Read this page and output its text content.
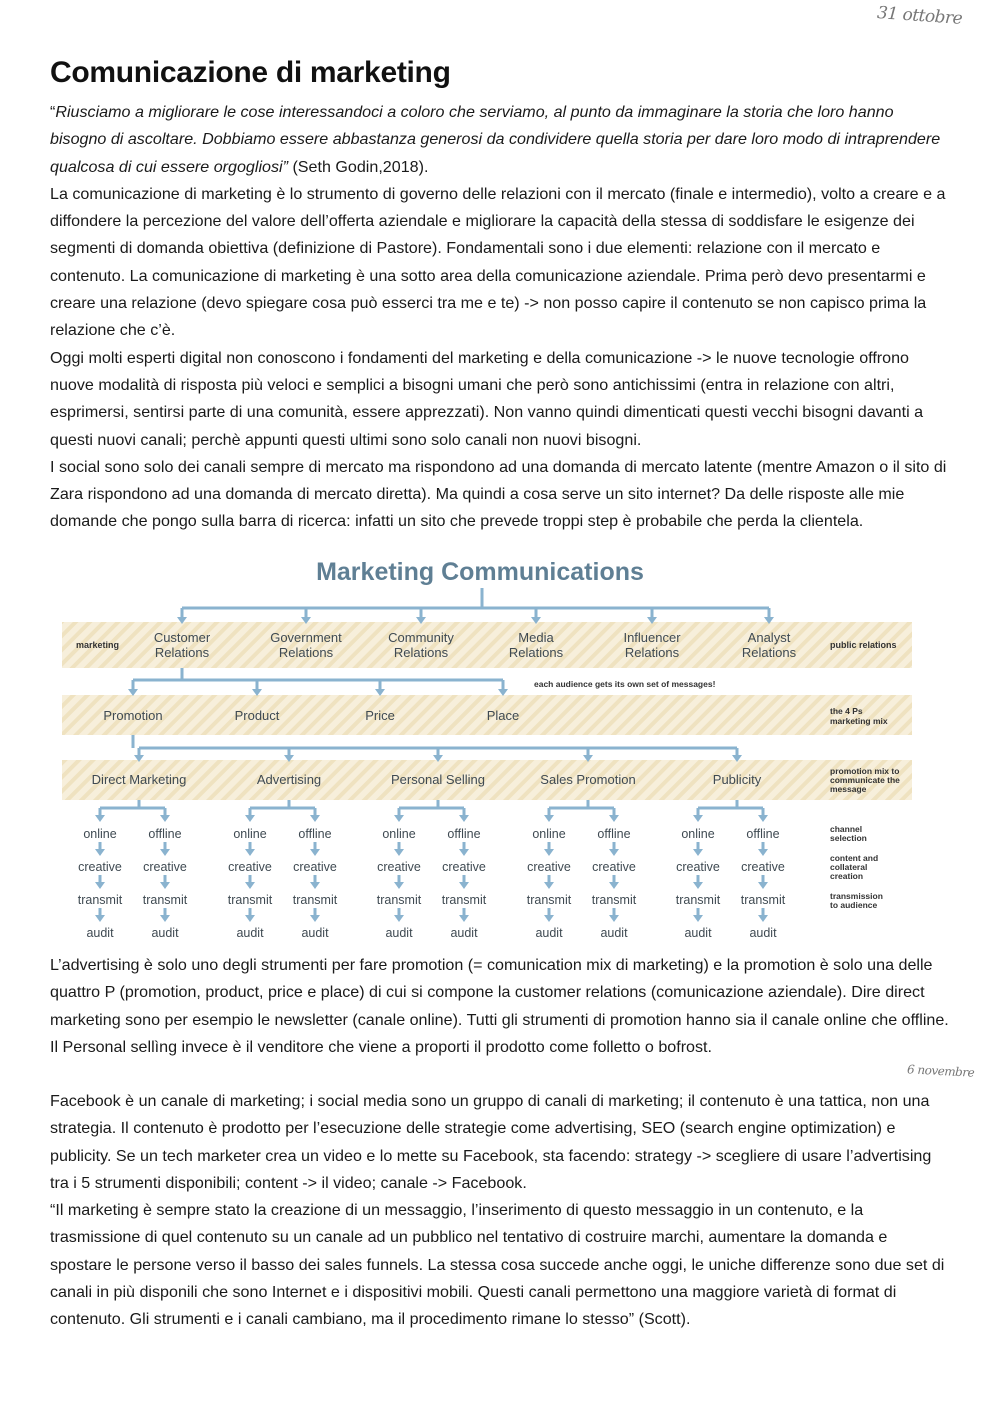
31 ottobre
Comunicazione di marketing

“Riusciamo a migliorare le cose interessandoci a coloro che serviamo, al punto da immaginare la storia che loro hanno bisogno di ascoltare. Dobbiamo essere abbastanza generosi da condividere quella storia per dare loro modo di intraprendere qualcosa di cui essere orgogliosi” (Seth Godin,2018).

La comunicazione di marketing è lo strumento di governo delle relazioni con il mercato (finale e intermedio), volto a creare e a diffondere la percezione del valore dell’offerta aziendale e migliorare la capacità della stessa di soddisfare le esigenze dei segmenti di domanda obiettiva (definizione di Pastore). Fondamentali sono i due elementi: relazione con il mercato e contenuto. La comunicazione di marketing è una sotto area della comunicazione aziendale. Prima però devo presentarmi e creare una relazione (devo spiegare cosa può esserci tra me e te) -> non posso capire il contenuto se non capisco prima la relazione che c’è.

Oggi molti esperti digital non conoscono i fondamenti del marketing e della comunicazione -> le nuove tecnologie offrono nuove modalità di risposta più veloci e semplici a bisogni umani che però sono antichissimi (entra in relazione con altri, esprimersi, sentirsi parte di una comunità, essere apprezzati). Non vanno quindi dimenticati questi vecchi bisogni davanti a questi nuovi canali; perchè appunti questi ultimi sono solo canali non nuovi bisogni.

I social sono solo dei canali sempre di mercato ma rispondono ad una domanda di mercato latente (mentre Amazon o il sito di Zara rispondono ad una domanda di mercato diretta). Ma quindi a cosa serve un sito internet? Da delle risposte alle mie domande che pongo sulla barra di ricerca: infatti un sito che prevede troppi step è probabile che perda la clientela.

Marketing Communications
Customer Relations
Government Relations
Community Relations
Media Relations
Influencer Relations
Analyst Relations
marketing	public relations
Promotion	Product	Price	Place
each audience gets its own set of messages!
the 4 Ps marketing mix
Direct Marketing	Advertising	Personal Selling	Sales Promotion	Publicity
promotion mix to communicate the message
online
creative
transmit
audit
offline
creative
transmit
audit
online
creative
transmit
audit
offline
creative
transmit
audit
online
creative
transmit
audit
offline
creative
transmit
audit
online
creative
transmit
audit
offline
creative
transmit
audit
online
creative
transmit
audit
offline
creative
transmit
audit
channel selection
content and collateral creation
transmission to audience

L’advertising è solo uno degli strumenti per fare promotion (= comunication mix di marketing) e la promotion è solo una delle quattro P (promotion, product, price e place) di cui si compone la customer relations (comunicazione aziendale). Dire direct marketing sono per esempio le newsletter (canale online). Tutti gli strumenti di promotion hanno sia il canale online che offline. Il Personal sellìng invece è il venditore che viene a proporti il prodotto come folletto o bofrost.

6 novembre

Facebook è un canale di marketing; i social media sono un gruppo di canali di marketing; il contenuto è una tattica, non una strategia. Il contenuto è prodotto per l’esecuzione delle strategie come advertising, SEO (search engine optimization) e publicity. Se un tech marketer crea un video e lo mette su Facebook, sta facendo: strategy -> scegliere di usare l’advertising tra i 5 strumenti disponibili; content -> il video; canale -> Facebook.

“Il marketing è sempre stato la creazione di un messaggio, l’inserimento di questo messaggio in un contenuto, e la trasmissione di quel contenuto su un canale ad un pubblico nel tentativo di costruire marchi, aumentare la domanda e spostare le persone verso il basso dei sales funnels. La stessa cosa succede anche oggi, le uniche differenze sono due set di canali in più disponili che sono Internet e i dispositivi mobili. Questi canali permettono una maggiore varietà di format di contenuto. Gli strumenti e i canali cambiano, ma il procedimento rimane lo stesso” (Scott).
